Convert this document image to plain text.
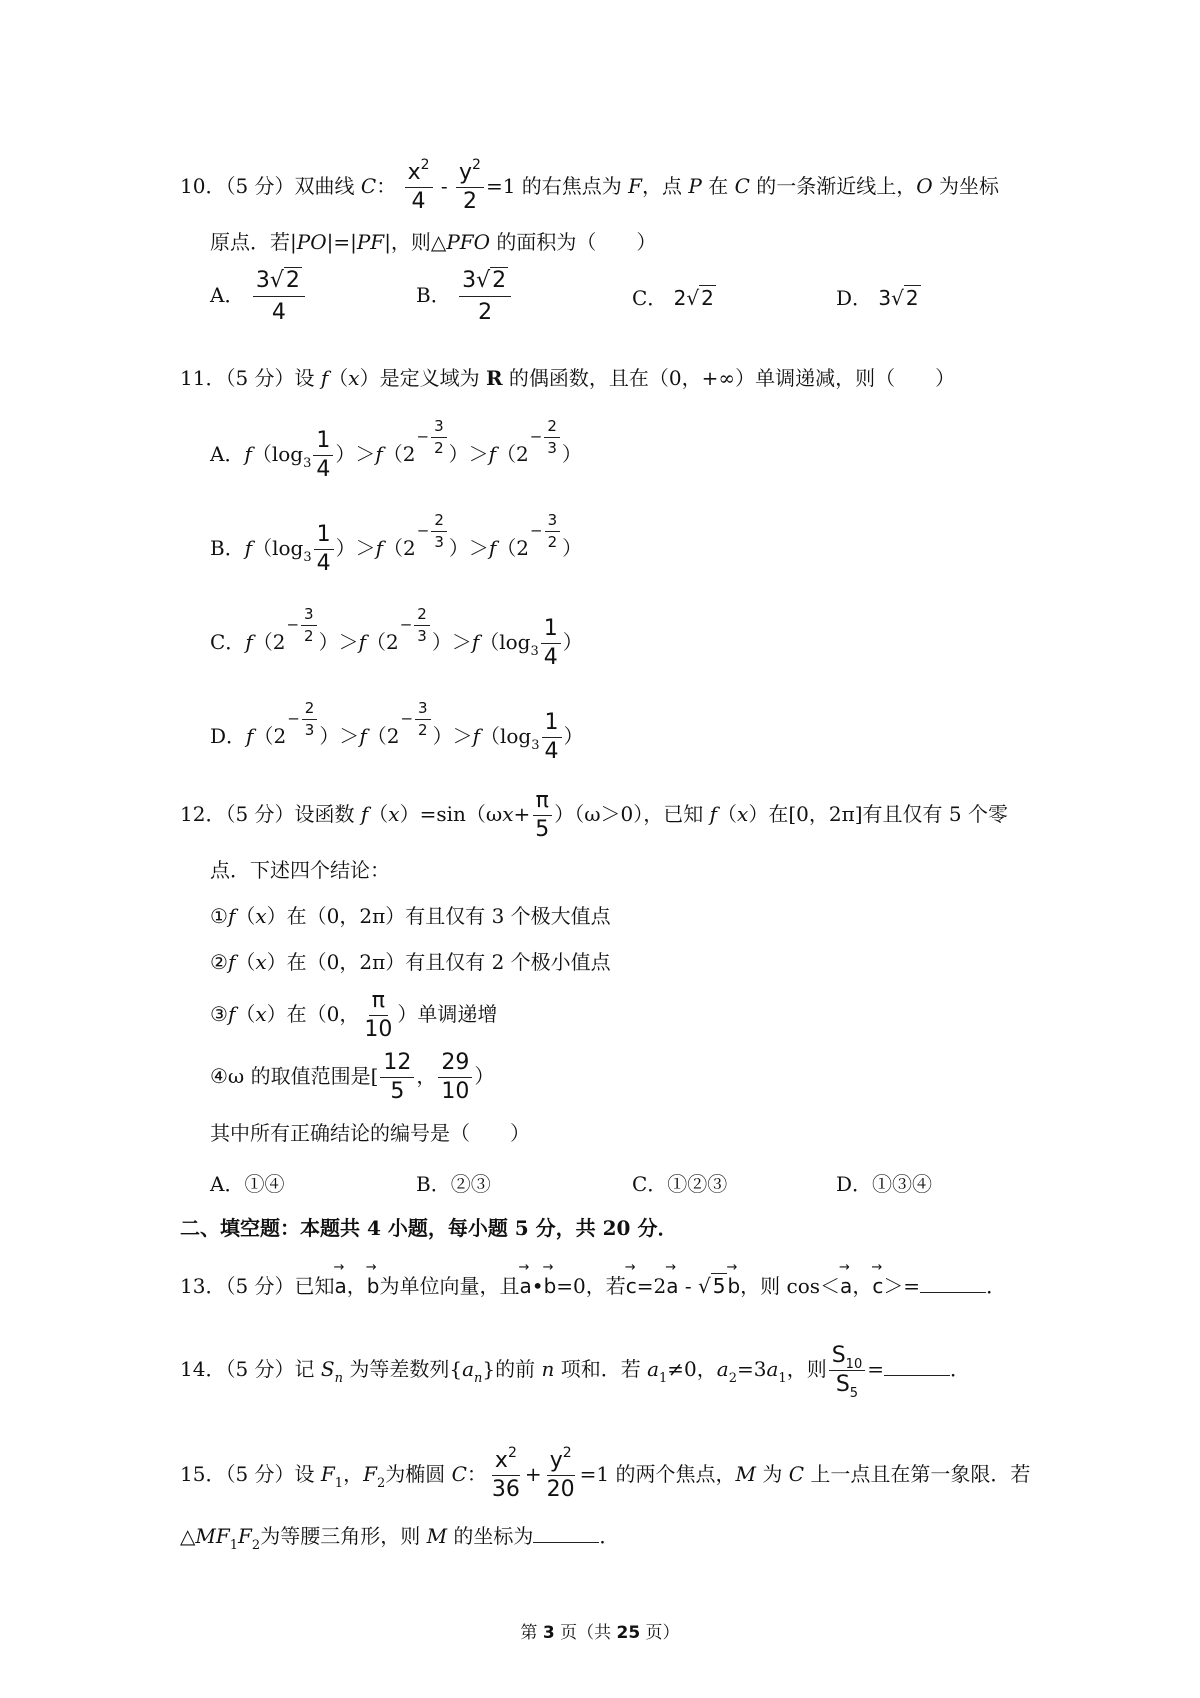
10．（5 分）双曲线 C： $\frac{x^2}{4} - \frac{y^2}{2} =1$ 的右焦点为 F，点 P 在 C 的一条渐近线上，O 为坐标
原点．若|PO|=|PF|，则△PFO 的面积为（　　）
A． $\frac{3√2}{4}$	B． $\frac{3√2}{2}$	C． 2√ 2	D． 3√ 2
11．（5 分）设 f（x）是定义域为 R 的偶函数，且在（0，+∞）单调递减，则（　　）
A．$f(\log_3 \frac{1}{4} )>f(2- \frac{3}{2} )>f(2- \frac{2}{3}$ ）
B．$f(\log_3 \frac{1}{4} )>f(2- \frac{2}{3} )>f(2- \frac{3}{2}$ ）
C．$f(2- \frac{3}{2} )>f(2- \frac{2}{3} )>f(\log_3 \frac{1}{4}$ ）
D．$f(2- \frac{2}{3} )>f(2- \frac{3}{2} )>f(\log_3 \frac{1}{4}$ ）
12．（5 分）设函数 $f(x)=\sin(\omega x+ \frac{\pi}{5} )(\omega>0)$，已知 f（x）在[0，2π]有且仅有 5 个零
点．下述四个结论：
①f（x）在（0，2π）有且仅有 3 个极大值点
②f（x）在（0，2π）有且仅有 2 个极小值点
③f（x）在（0， $\frac{\pi}{10}$ ）单调递增
④ω 的取值范围是[ $\frac{12}{5}$ ， $\frac{29}{10}$ ）
其中所有正确结论的编号是（　　）
A．①④	B．②③	C．①②③	D．①③④
二、填空题：本题共 4 小题，每小题 5 分，共 20 分．
13．（5 分）已知→ a，→ b为单位向量，且→ a•→ b=0，若→ c=2→ a - √ 5→ b，则 cos＜→ a，→ c＞=	．
14．（5 分）记 $S_n$ 为等差数列$\{a_n\}$的前 n 项和．若 $a_1\ne 0$，$a_2=3a_1$，则 $\frac{S_{10}}{S_5}$ =	．
15．（5 分）设 $F_1$，$F_2$为椭圆 C： $\frac{x^2}{36} + \frac{y^2}{20} =1$ 的两个焦点，M 为 C 上一点且在第一象限．若
$\triangle MF_1F_2$为等腰三角形，则 M 的坐标为	．
第 3 页（共 25 页）
